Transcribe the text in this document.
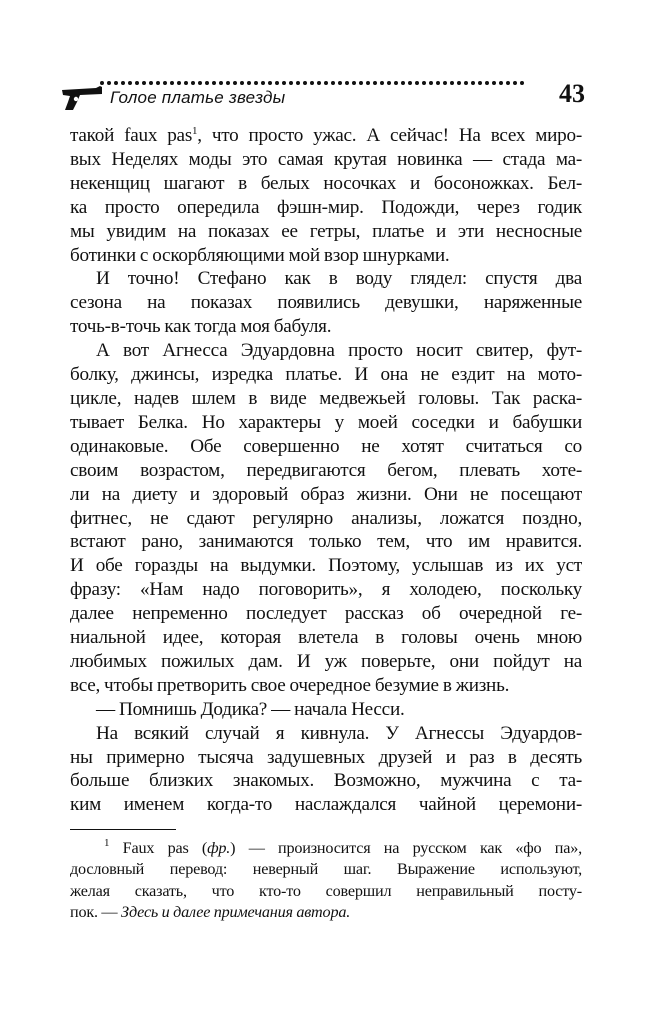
Голое платье звезды	43

такой faux pas$^1$, что просто ужас. А сейчас! На всех миро-

вых Неделях моды это самая крутая новинка — стада ма-

некенщиц шагают в белых носочках и босоножках. Бел-

ка просто опередила фэшн-мир. Подожди, через годик

мы увидим на показах ее гетры, платье и эти несносные

ботинки с оскорбляющими мой взор шнурками.

И точно! Стефано как в воду глядел: спустя два

сезона на показах появились девушки, наряженные

точь-в-точь как тогда моя бабуля.

А вот Агнесса Эдуардовна просто носит свитер, фут-

болку, джинсы, изредка платье. И она не ездит на мото-

цикле, надев шлем в виде медвежьей головы. Так раска-

тывает Белка. Но характеры у моей соседки и бабушки

одинаковые. Обе совершенно не хотят считаться со

своим возрастом, передвигаются бегом, плевать хоте-

ли на диету и здоровый образ жизни. Они не посещают

фитнес, не сдают регулярно анализы, ложатся поздно,

встают рано, занимаются только тем, что им нравится.

И обе горазды на выдумки. Поэтому, услышав из их уст

фразу: «Нам надо поговорить», я холодею, поскольку

далее непременно последует рассказ об очередной ге-

ниальной идее, которая влетела в головы очень мною

любимых пожилых дам. И уж поверьте, они пойдут на

все, чтобы претворить свое очередное безумие в жизнь.

— Помнишь Додика? — начала Несси.

На всякий случай я кивнула. У Агнессы Эдуардов-

ны примерно тысяча задушевных друзей и раз в десять

больше близких знакомых. Возможно, мужчина с та-

ким именем когда-то наслаждался чайной церемони-

$^1$ Faux pas (фр.) — произносится на русском как «фо па»,

дословный перевод: неверный шаг. Выражение используют,

желая сказать, что кто-то совершил неправильный посту-

пок. — Здесь и далее примечания автора.
